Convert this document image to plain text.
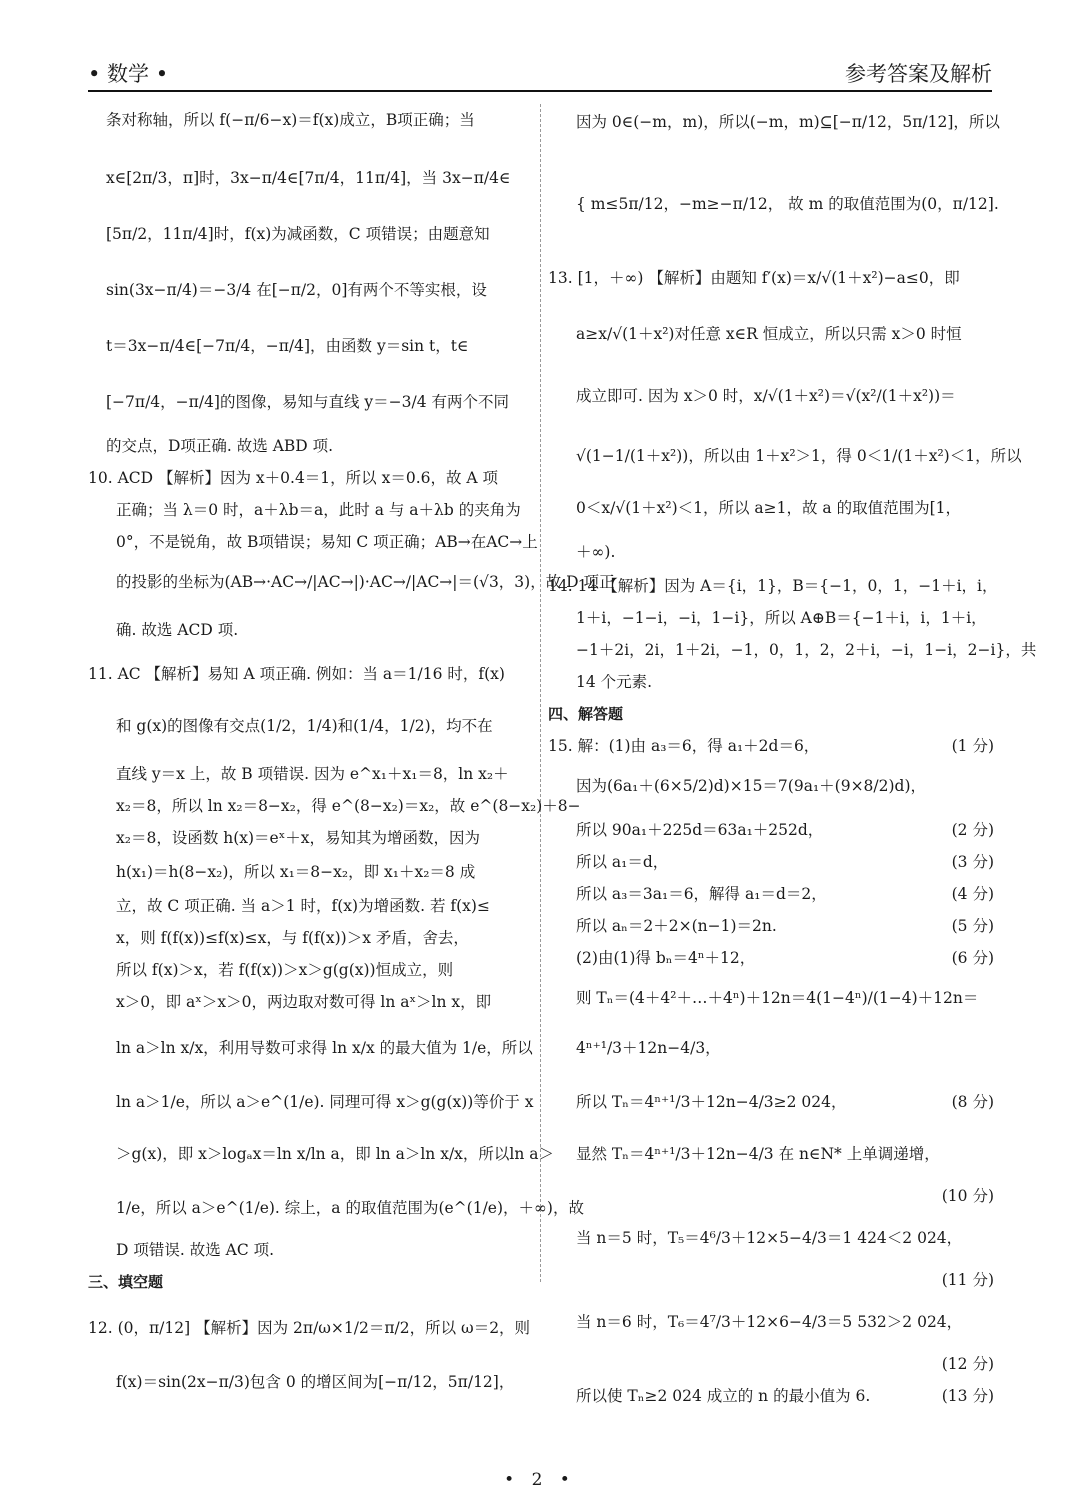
• 数学 •	参考答案及解析
条对称轴，所以 f(−π/6−x)＝f(x)成立，B项正确；当
x∈[2π/3，π]时，3x−π/4∈[7π/4，11π/4]，当 3x−π/4∈
[5π/2，11π/4]时，f(x)为减函数，C 项错误；由题意知
sin(3x−π/4)＝−3/4 在[−π/2，0]有两个不等实根，设
t＝3x−π/4∈[−7π/4，−π/4]，由函数 y＝sin t，t∈
[−7π/4，−π/4]的图像，易知与直线 y＝−3/4 有两个不同
的交点，D项正确. 故选 ABD 项.
10. ACD 【解析】因为 x＋0.4＝1，所以 x＝0.6，故 A 项
正确；当 λ＝0 时，a＋λb＝a，此时 a 与 a＋λb 的夹角为
0°，不是锐角，故 B项错误；易知 C 项正确；AB→在AC→上
的投影的坐标为(AB→·AC→/|AC→|)·AC→/|AC→|＝(√3，3)，故 D 项正
确. 故选 ACD 项.
11. AC 【解析】易知 A 项正确. 例如：当 a＝1/16 时，f(x)
和 g(x)的图像有交点(1/2，1/4)和(1/4，1/2)，均不在
直线 y＝x 上，故 B 项错误. 因为 e^x₁＋x₁＝8，ln x₂＋
x₂＝8，所以 ln x₂＝8−x₂，得 e^(8−x₂)＝x₂，故 e^(8−x₂)＋8−
x₂＝8，设函数 h(x)＝eˣ＋x，易知其为增函数，因为
h(x₁)＝h(8−x₂)，所以 x₁＝8−x₂，即 x₁＋x₂＝8 成
立，故 C 项正确. 当 a＞1 时，f(x)为增函数. 若 f(x)≤
x，则 f(f(x))≤f(x)≤x，与 f(f(x))＞x 矛盾，舍去，
所以 f(x)＞x，若 f(f(x))＞x＞g(g(x))恒成立，则
x＞0，即 aˣ＞x＞0，两边取对数可得 ln aˣ＞ln x，即
ln a＞ln x/x，利用导数可求得 ln x/x 的最大值为 1/e，所以
ln a＞1/e，所以 a＞e^(1/e). 同理可得 x＞g(g(x))等价于 x
＞g(x)，即 x＞logₐx＝ln x/ln a，即 ln a＞ln x/x，所以ln a＞
1/e，所以 a＞e^(1/e). 综上，a 的取值范围为(e^(1/e)，＋∞)，故
D 项错误. 故选 AC 项.
三、填空题
12. (0，π/12] 【解析】因为 2π/ω×1/2＝π/2，所以 ω＝2，则
f(x)＝sin(2x−π/3)包含 0 的增区间为[−π/12，5π/12]，
因为 0∈(−m，m)，所以(−m，m)⊆[−π/12，5π/12]，所以
{ m≤5π/12，−m≥−π/12， 故 m 的取值范围为(0，π/12].
13. [1，＋∞) 【解析】由题知 f′(x)＝x/√(1＋x²)−a≤0，即
a≥x/√(1＋x²)对任意 x∈R 恒成立，所以只需 x＞0 时恒
成立即可. 因为 x＞0 时，x/√(1＋x²)＝√(x²/(1＋x²))＝
√(1−1/(1＋x²))，所以由 1＋x²＞1，得 0＜1/(1＋x²)＜1，所以
0＜x/√(1＋x²)＜1，所以 a≥1，故 a 的取值范围为[1，
＋∞).
14. 14 【解析】因为 A＝{i，1}，B＝{−1，0，1，−1＋i，i，
1＋i，−1−i，−i，1−i}，所以 A⊕B＝{−1＋i，i，1＋i，
−1＋2i，2i，1＋2i，−1，0，1，2，2＋i，−i，1−i，2−i}，共
14 个元素.
四、解答题
15. 解：(1)由 a₃＝6，得 a₁＋2d＝6，	(1 分)
因为(6a₁＋(6×5/2)d)×15＝7(9a₁＋(9×8/2)d)，
所以 90a₁＋225d＝63a₁＋252d，	(2 分)
所以 a₁＝d，	(3 分)
所以 a₃＝3a₁＝6，解得 a₁＝d＝2，	(4 分)
所以 aₙ＝2＋2×(n−1)＝2n.	(5 分)
(2)由(1)得 bₙ＝4ⁿ＋12，	(6 分)
则 Tₙ＝(4＋4²＋…＋4ⁿ)＋12n＝4(1−4ⁿ)/(1−4)＋12n＝
4ⁿ⁺¹/3＋12n−4/3，
所以 Tₙ＝4ⁿ⁺¹/3＋12n−4/3≥2 024，	(8 分)
显然 Tₙ＝4ⁿ⁺¹/3＋12n−4/3 在 n∈N* 上单调递增，
(10 分)
当 n＝5 时，T₅＝4⁶/3＋12×5−4/3＝1 424＜2 024，
(11 分)
当 n＝6 时，T₆＝4⁷/3＋12×6−4/3＝5 532＞2 024，
(12 分)
所以使 Tₙ≥2 024 成立的 n 的最小值为 6.	(13 分)
• 2 •
